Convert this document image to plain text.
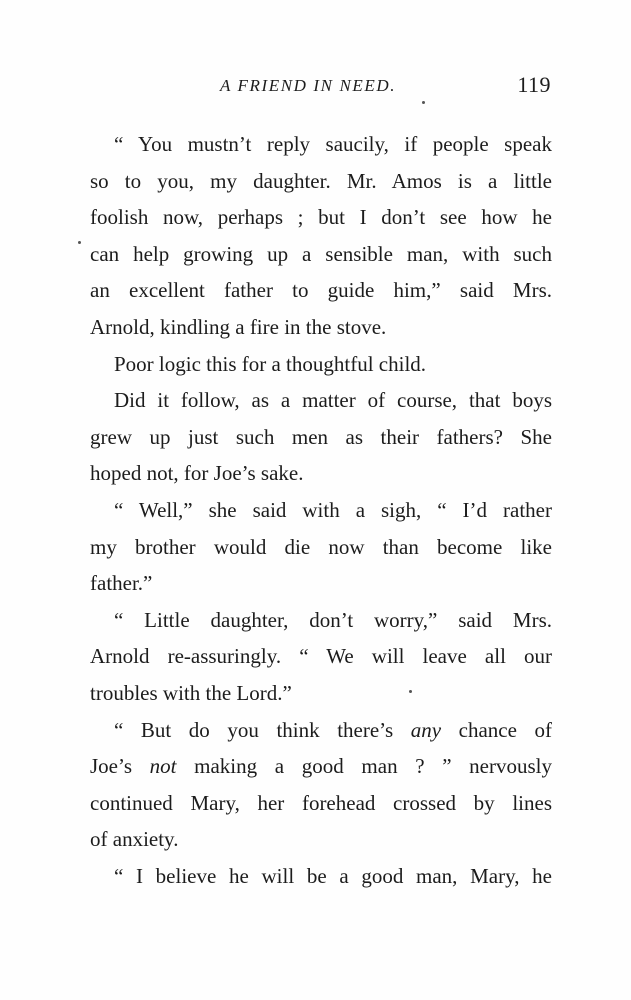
A FRIEND IN NEED.	119
“ You mustn’t reply saucily, if people speak
so to you, my daughter. Mr. Amos is a little
foolish now, perhaps ; but I don’t see how he
can help growing up a sensible man, with such
an excellent father to guide him,” said Mrs.
Arnold, kindling a fire in the stove.
Poor logic this for a thoughtful child.
Did it follow, as a matter of course, that boys
grew up just such men as their fathers? She
hoped not, for Joe’s sake.
“ Well,” she said with a sigh, “ I’d rather
my brother would die now than become like
father.”
“ Little daughter, don’t worry,” said Mrs.
Arnold re-assuringly. “ We will leave all our
troubles with the Lord.”
“ But do you think there’s any chance of
Joe’s not making a good man ? ” nervously
continued Mary, her forehead crossed by lines
of anxiety.
“ I believe he will be a good man, Mary, he
